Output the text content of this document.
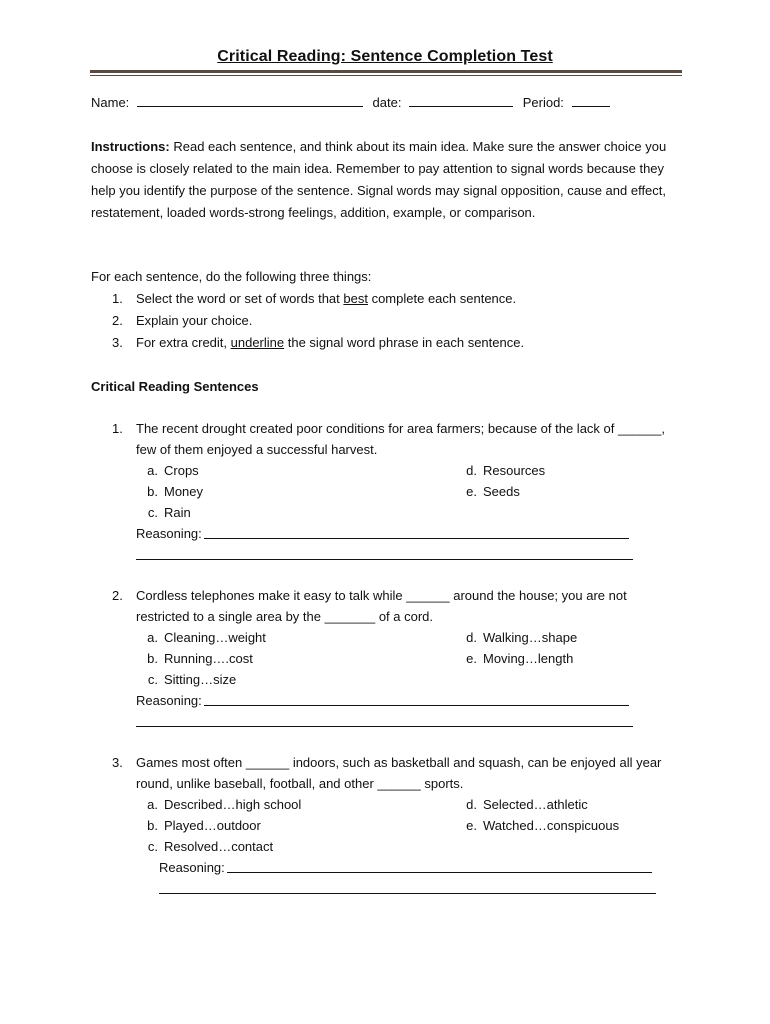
Critical Reading: Sentence Completion Test
Name:	date:	Period:
Instructions: Read each sentence, and think about its main idea. Make sure the answer choice you choose is closely related to the main idea. Remember to pay attention to signal words because they help you identify the purpose of the sentence. Signal words may signal opposition, cause and effect, restatement, loaded words-strong feelings, addition, example, or comparison.
For each sentence, do the following three things:
1. Select the word or set of words that best complete each sentence.
2. Explain your choice.
3. For extra credit, underline the signal word phrase in each sentence.
Critical Reading Sentences
1. The recent drought created poor conditions for area farmers; because of the lack of ______,
few of them enjoyed a successful harvest.
a. Crops
b. Money
c. Rain
d. Resources
e. Seeds
Reasoning:
2. Cordless telephones make it easy to talk while ______ around the house; you are not
restricted to a single area by the _______ of a cord.
a. Cleaning…weight
b. Running….cost
c. Sitting…size
d. Walking…shape
e. Moving…length
Reasoning:
3. Games most often ______ indoors, such as basketball and squash, can be enjoyed all year
round, unlike baseball, football, and other ______ sports.
a. Described…high school
b. Played…outdoor
c. Resolved…contact
d. Selected…athletic
e. Watched…conspicuous
Reasoning:
